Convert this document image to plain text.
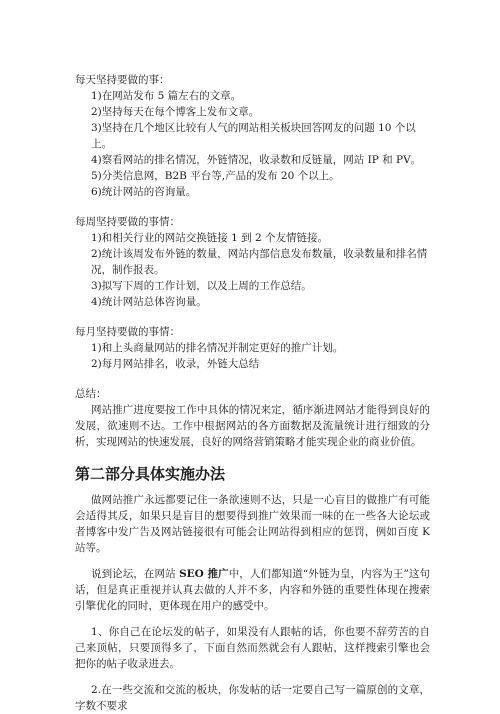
每天坚持要做的事：

1)在网站发布 5 篇左右的文章。

2)坚持每天在每个博客上发布文章。

3)坚持在几个地区比较有人气的网站相关板块回答网友的问题 10 个以上。

4)察看网站的排名情况，外链情况，收录数和反链量，网站 IP 和 PV。

5)分类信息网，B2B 平台等,产品的发布 20 个以上。

6)统计网站的咨询量。

每周坚持要做的事情：

1)和相关行业的网站交换链接 1 到 2 个友情链接。

2)统计该周发布外链的数量，网站内部信息发布数量，收录数量和排名情况，制作报表。

3)拟写下周的工作计划，以及上周的工作总结。

4)统计网站总体咨询量。

每月坚持要做的事情：

1)和上头商量网站的排名情况并制定更好的推广计划。

2)每月网站排名，收录，外链大总结

总结：

网站推广进度要按工作中具体的情况来定，循序渐进网站才能得到良好的发展，欲速则不达。工作中根据网站的各方面数据及流量统计进行细致的分析，实现网站的快速发展，良好的网络营销策略才能实现企业的商业价值。

第二部分具体实施办法

做网站推广永远都要记住一条欲速则不达，只是一心盲目的做推广有可能会适得其反，如果只是盲目的想要得到推广效果而一味的在一些各大论坛或者博客中发广告及网站链接很有可能会让网站得到相应的惩罚，例如百度 K 站等。

说到论坛，在网站 SEO 推广中，人们都知道“外链为皇，内容为王”这句话，但是真正重视并认真去做的人并不多，内容和外链的重要性体现在搜索引擎优化的同时，更体现在用户的感受中。

1、你自己在论坛发的帖子，如果没有人跟帖的话，你也要不辞劳苦的自己来顶帖，只要顶得多了，下面自然而然就会有人跟帖，这样搜索引擎也会把你的帖子收录进去。

2.在一些交流和交流的板块，你发帖的话一定要自己写一篇原创的文章，字数不要求
